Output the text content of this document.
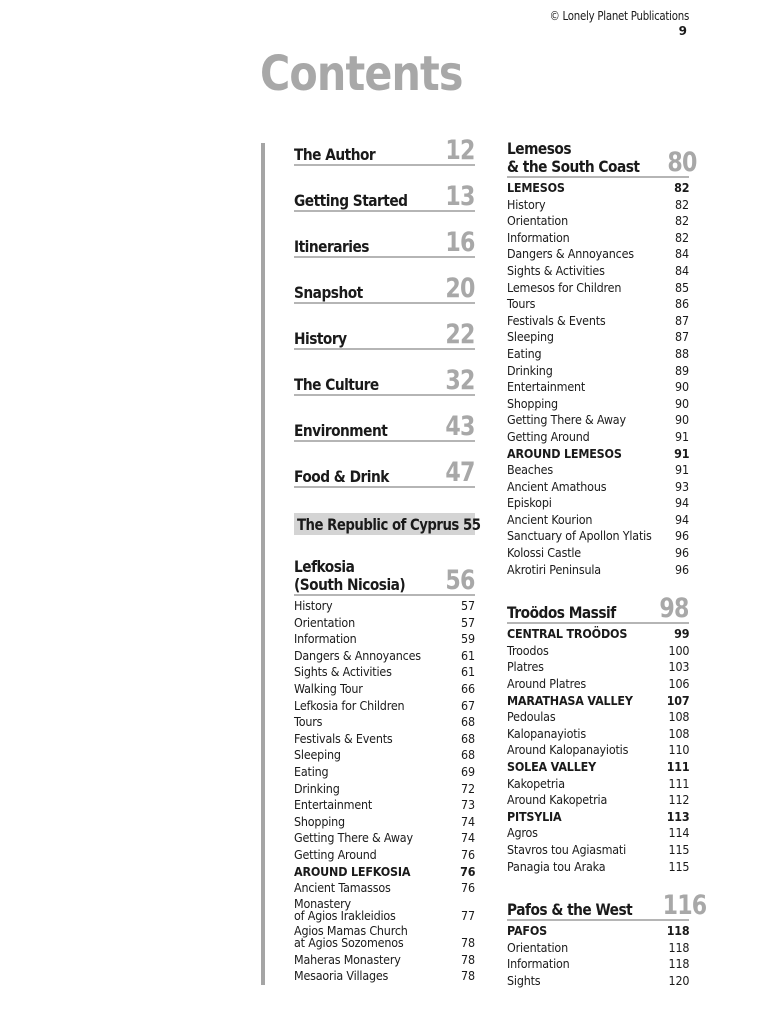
© Lonely Planet Publications
9
Contents
The Author	12
Getting Started 13
Itineraries	16
Snapshot	20
History	22
The Culture 32
Environment 43
Food & Drink 47
The Republic of Cyprus 55
Lefkosia
(South Nicosia) 56
History	57
Orientation	57
Information	59
Dangers & Annoyances	61
Sights & Activities	61
Walking Tour	66
Lefkosia for Children	67
Tours	68
Festivals & Events	68
Sleeping	68
Eating	69
Drinking	72
Entertainment	73
Shopping	74
Getting There & Away	74
Getting Around	76
AROUND LEFKOSIA	76
Ancient Tamassos	76
Monastery
of Agios Irakleidios	77
Agios Mamas Church
at Agios Sozomenos	78
Maheras Monastery	78
Mesaoria Villages	78
Lemesos
& the South Coast 80
LEMESOS	82
History	82
Orientation	82
Information	82
Dangers & Annoyances	84
Sights & Activities	84
Lemesos for Children	85
Tours	86
Festivals & Events	87
Sleeping	87
Eating	88
Drinking	89
Entertainment	90
Shopping	90
Getting There & Away	90
Getting Around	91
AROUND LEMESOS	91
Beaches	91
Ancient Amathous	93
Episkopi	94
Ancient Kourion	94
Sanctuary of Apollon Ylatis 96
Kolossi Castle	96
Akrotiri Peninsula	96
Troödos Massif 98
CENTRAL TROÖDOS	99
Troodos	100
Platres	103
Around Platres	106
MARATHASA VALLEY	107
Pedoulas	108
Kalopanayiotis	108
Around Kalopanayiotis	110
SOLEA VALLEY	111
Kakopetria	111
Around Kakopetria	112
PITSYLIA	113
Agros	114
Stavros tou Agiasmati	115
Panagia tou Araka	115
Pafos & the West 116
PAFOS	118
Orientation	118
Information	118
Sights	120
